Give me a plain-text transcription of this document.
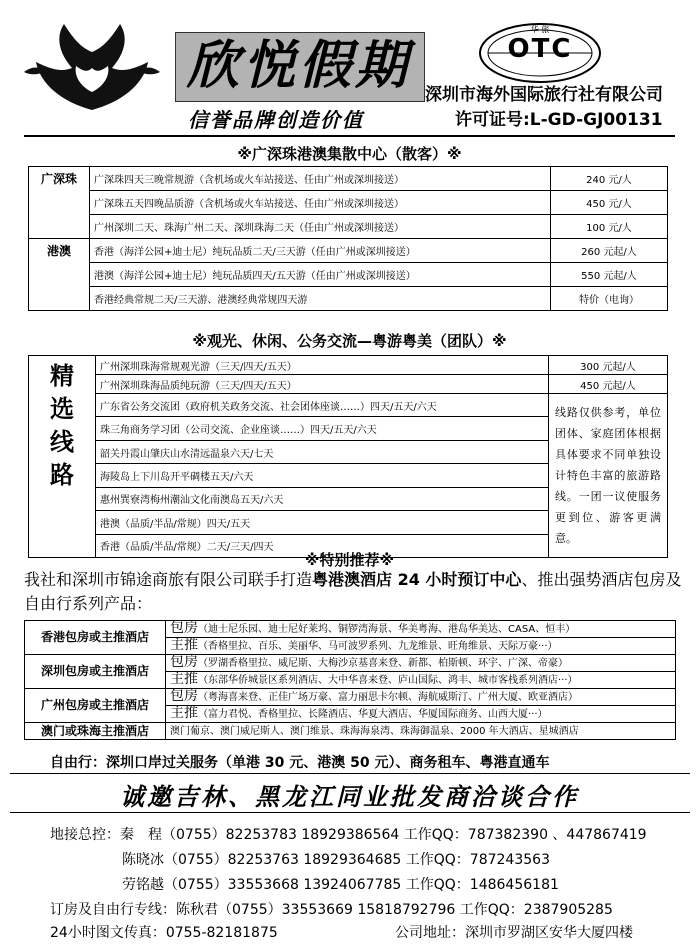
欣悦假期
信誉品牌创造价值
华 旅
OTC
深圳市海外国际旅行社有限公司
许可证号:L-GD-GJ00131
※广深珠港澳集散中心（散客）※
广深珠	广深珠四天三晚常规游（含机场或火车站接送、任由广州或深圳接送）	240 元/人
	广深珠五天四晚品质游（含机场或火车站接送、任由广州或深圳接送）	450 元/人
	广州深圳二天、珠海广州二天、深圳珠海二天（任由广州或深圳接送）	100 元/人
港澳	香港（海洋公园+迪士尼）纯玩品质二天/三天游（任由广州或深圳接送）	260 元起/人
	港澳（海洋公园+迪士尼）纯玩品质四天/五天游（任由广州或深圳接送）	550 元起/人
	香港经典常规二天/三天游、港澳经典常规四天游	特价（电询）
※观光、休闲、公务交流—粤游粤美（团队）※
精
选
线
路	广州深圳珠海常规观光游（三天/四天/五天）	300 元起/人
	广州深圳珠海品质纯玩游（三天/四天/五天）	450 元起/人
	广东省公务交流团（政府机关政务交流、社会团体座谈……）四天/五天/六天	线路仅供参考，单位团体、家庭团体根据具体要求不同单独设计特色丰富的旅游路线。一团一议使服务更到位、游客更满意。
	珠三角商务学习团（公司交流、企业座谈……）四天/五天/六天	
	韶关丹霞山肇庆山水清远温泉六天/七天	
	海陵岛上下川岛开平碉楼五天/六天	
	惠州巽寮湾梅州潮汕文化南澳岛五天/六天	
	港澳（品质/半品/常规）四天/五天	
	香港（品质/半品/常规）二天/三天/四天	
※特别推荐※
我社和深圳市锦途商旅有限公司联手打造粤港澳酒店 24 小时预订中心、推出强势酒店包房及自由行系列产品：
香港包房或主推酒店	包房（迪士尼乐园、迪士尼好莱坞、铜锣湾海景、华美粤海、港岛华美达、CASA、恒丰）
	主推（香格里拉、百乐、美丽华、马可波罗系列、九龙维景、旺角维景、天际万豪···）
深圳包房或主推酒店	包房（罗湖香格里拉、威尼斯、大梅沙京基喜来登、新都、柏斯顿、环宇、广深、帝豪）
	主推（东部华侨城景区系列酒店、大中华喜来登、庐山国际、鸿丰、城市客栈系列酒店···）
广州包房或主推酒店	包房（粤海喜来登、正佳广场万豪、富力丽思卡尔顿、海航威斯汀、广州大厦、欧亚酒店）
	主推（富力君悦、香格里拉、长隆酒店、华夏大酒店、华厦国际商务、山西大厦···）
澳门或珠海主推酒店	澳门葡京、澳门威尼斯人、澳门维景、珠海海泉湾、珠海御温泉、2000 年大酒店、星城酒店
自由行：深圳口岸过关服务（单港 30 元、港澳 50 元）、商务租车、粤港直通车
诚邀吉林、黑龙江同业批发商洽谈合作
地接总控：秦　程（0755）82253783 18929386564 工作QQ：787382390 、447867419
陈晓冰（0755）82253763 18929364685 工作QQ：787243563
劳铭越（0755）33553668 13924067785 工作QQ：1486456181
订房及自由行专线：陈秋君（0755）33553669 15818792796 工作QQ：2387905285
24小时图文传真：0755-82181875	公司地址：深圳市罗湖区安华大厦四楼
